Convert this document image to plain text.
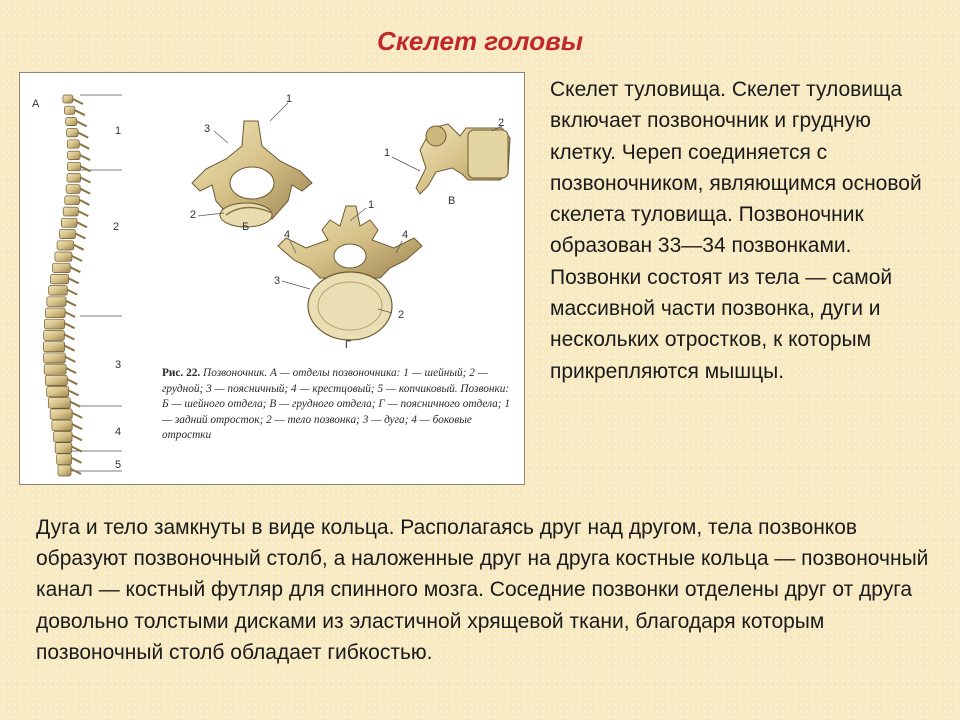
Скелет головы
А
1
2
3
4
5
Б
1
2
3
В
1
2
Г
1
2
3
4	4
Рис. 22. Позвоночник. А — отделы позвоночника: 1 — шейный; 2 — грудной; 3 — поясничный; 4 — крестцовый; 5 — копчиковый. Позвонки: Б — шейного отдела; В — грудного отдела; Г — поясничного отдела; 1 — задний отросток; 2 — тело позвонка; 3 — дуга; 4 — боковые отростки
Скелет туловища. Скелет туловища включает позвоночник и грудную клетку. Череп соединяется с позвоночником, являющимся основой скелета туловища. Позвоночник образован 33—34 позвонками. Позвонки состоят из тела — самой массивной части позвонка, дуги и нескольких отростков, к которым прикрепляются мышцы.
Дуга и тело замкнуты в виде кольца. Располагаясь друг над другом, тела позвонков образуют позвоночный столб, а наложенные друг на друга костные кольца — позвоночный канал — костный футляр для спинного мозга. Соседние позвонки отделены друг от друга довольно толстыми дисками из эластичной хрящевой ткани, благодаря которым позвоночный столб обладает гибкостью.
